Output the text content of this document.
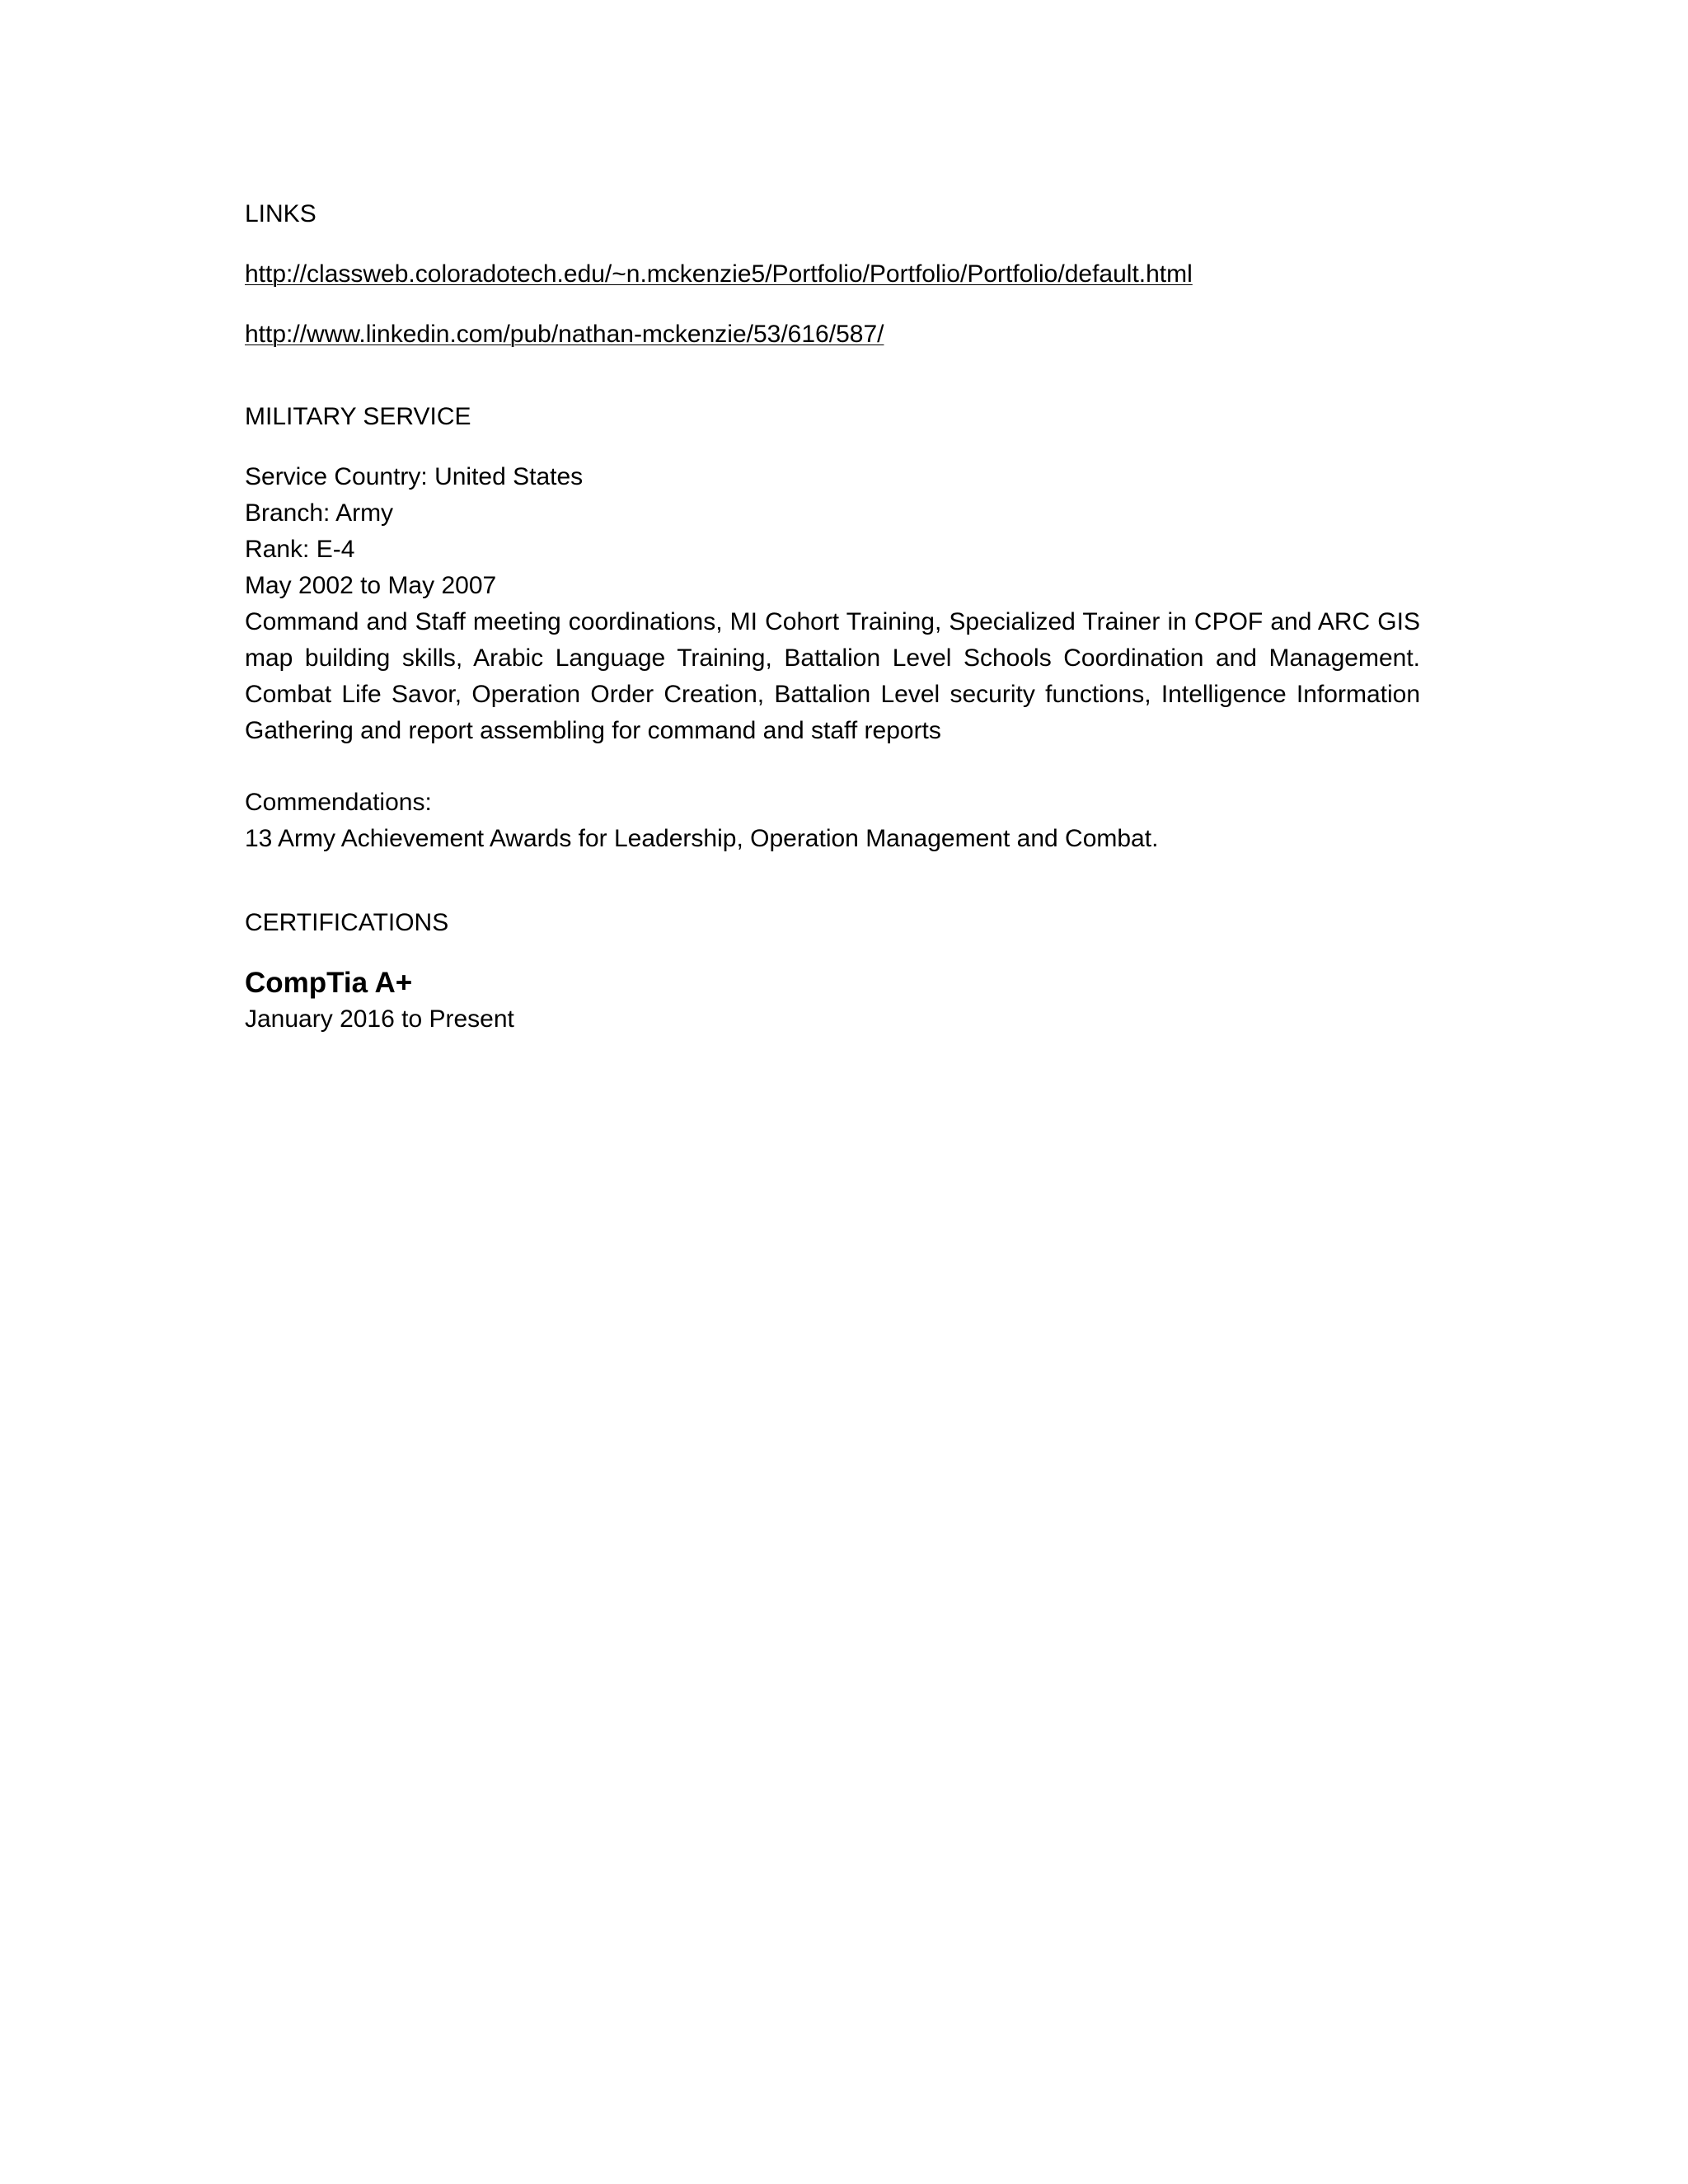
LINKS
http://classweb.coloradotech.edu/~n.mckenzie5/Portfolio/Portfolio/Portfolio/default.html
http://www.linkedin.com/pub/nathan-mckenzie/53/616/587/
MILITARY SERVICE
Service Country: United States
Branch: Army
Rank: E-4
May 2002 to May 2007

Command and Staff meeting coordinations, MI Cohort Training, Specialized Trainer in CPOF and ARC GIS map building skills, Arabic Language Training, Battalion Level Schools Coordination and Management. Combat Life Savor, Operation Order Creation, Battalion Level security functions, Intelligence Information Gathering and report assembling for command and staff reports

Commendations:
13 Army Achievement Awards for Leadership, Operation Management and Combat.
CERTIFICATIONS
CompTia A+
January 2016 to Present
